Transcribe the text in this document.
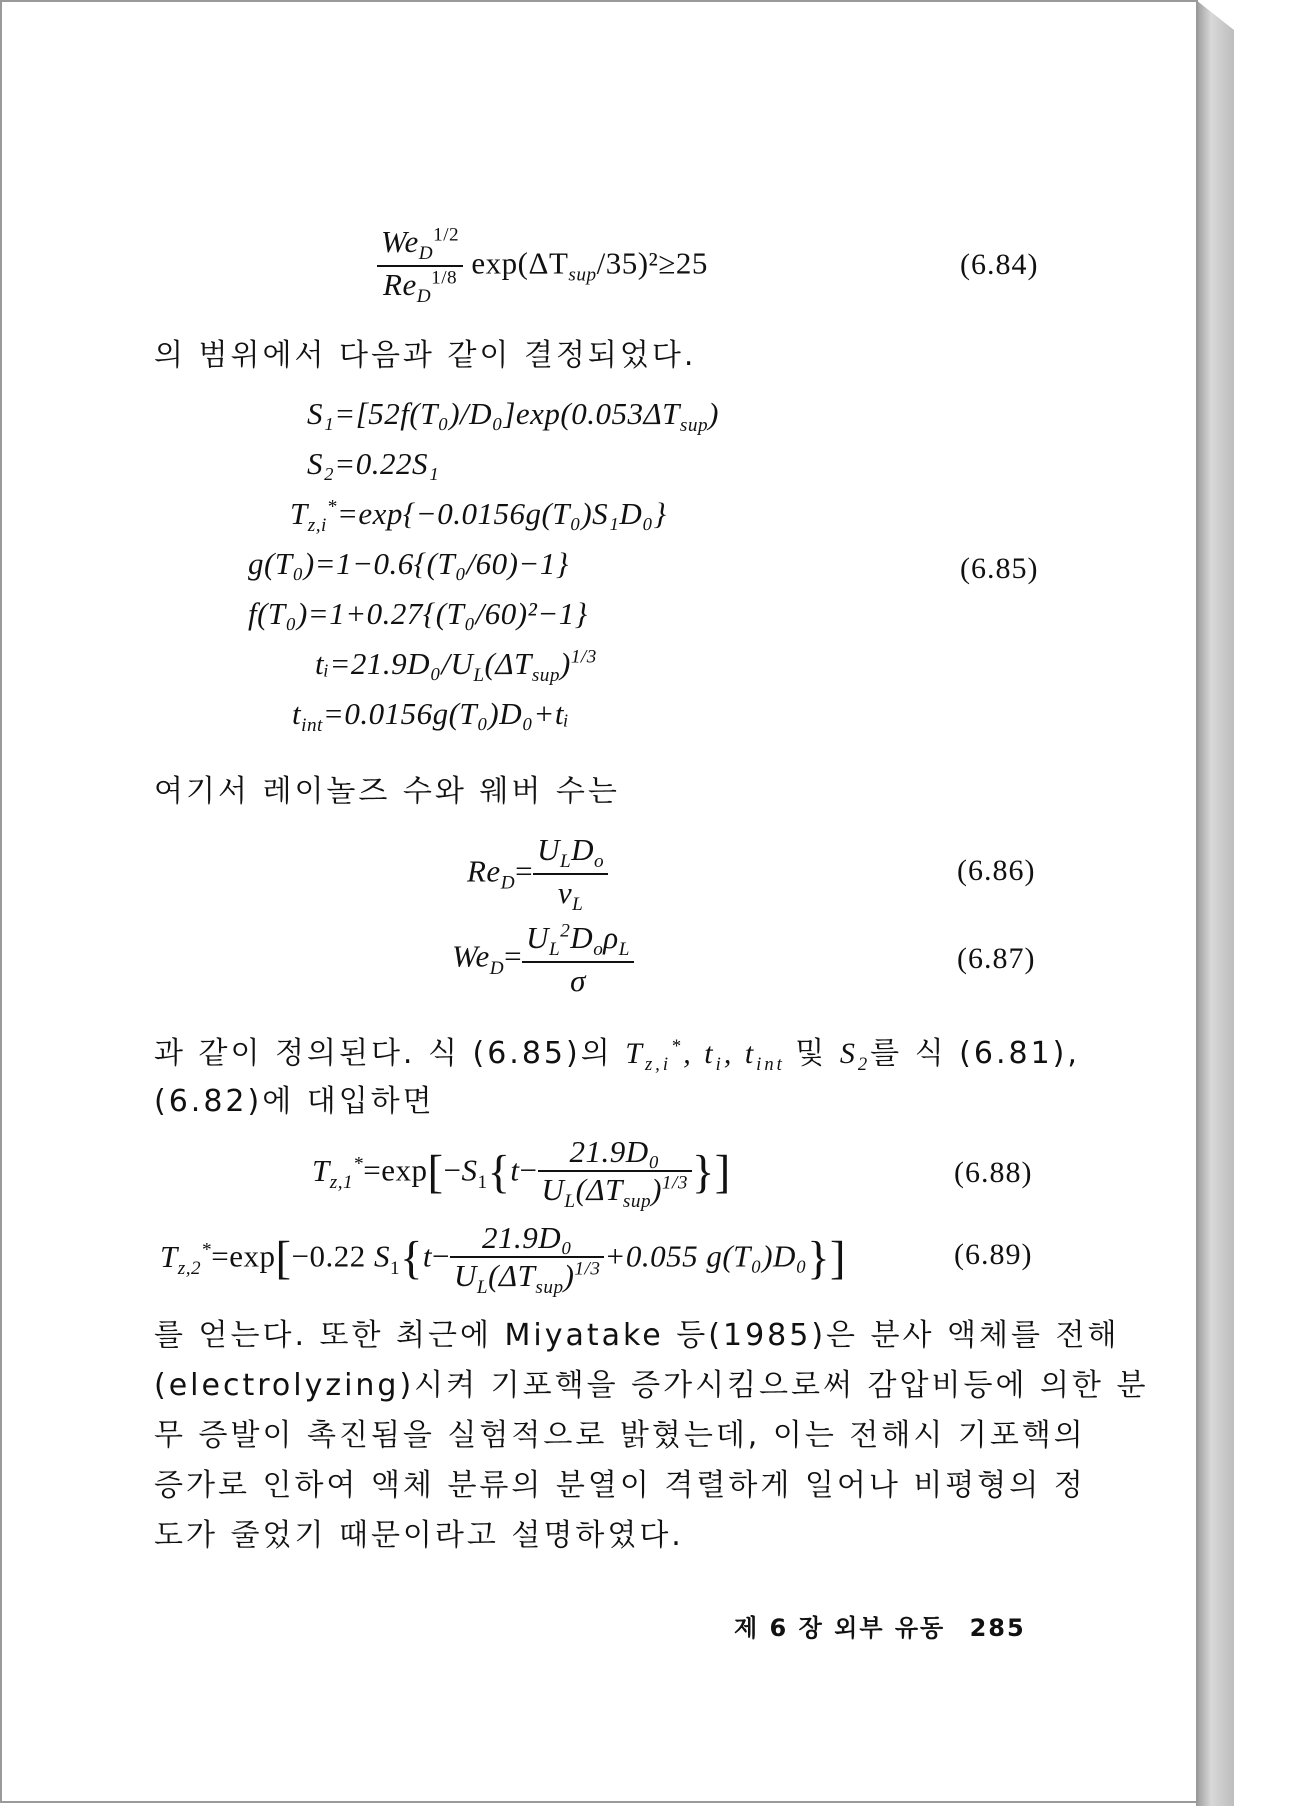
$\frac{We_D^{1/2}}{Re_D^{1/8}} \exp(\Delta T_{sup}/35)^2\ge 25$	(6.84)
의 범위에서 다음과 같이 결정되었다.
$S_1=[52f(T_0)/D_0]\exp(0.053\Delta T_{sup})$
S₂=0.22S₁
$T_{z,i}^*=\exp\{-0.0156g(T_0)S_1D_0\}$
g(T₀)=1−0.6{(T₀/60)−1}	(6.85)
f(T₀)=1+0.27{(T₀/60)²−1}
$tᵢ=21.9D_0/U_L(\Delta T_{sup})^{1/3}$
$t_{int}=0.0156g(T_0)D_0+tᵢ$
여기서 레이놀즈 수와 웨버 수는
$Re_D= \frac{U_LD_o}{\nu_L}$	(6.86)
$We_D= \frac{U_L^2D_o\rho_L}{\sigma}$	(6.87)
과 같이 정의된다. 식 (6.85)의 $T_{z,i}^*$, $t_i$, $t_{int}$ 및 $S_2$를 식 (6.81),
(6.82)에 대입하면
$T_{z,1}^*=\exp[-S_1\{t- \frac{\text{21.9D₀}}{U_L(\Delta T_{sup})^{1/3}}$ }]	(6.88)
$T_{z,2}^*=\exp[-0.22$ $S_1\{t- \frac{\text{21.9D₀}}{U_L(\Delta T_{sup})^{1/3}} +0.055$ g(T₀)D₀}]	(6.89)
를 얻는다. 또한 최근에 Miyatake 등(1985)은 분사 액체를 전해
(electrolyzing)시켜 기포핵을 증가시킴으로써 감압비등에 의한 분
무 증발이 촉진됨을 실험적으로 밝혔는데, 이는 전해시 기포핵의
증가로 인하여 액체 분류의 분열이 격렬하게 일어나 비평형의 정
도가 줄었기 때문이라고 설명하였다.
제 6 장 외부 유동 285
